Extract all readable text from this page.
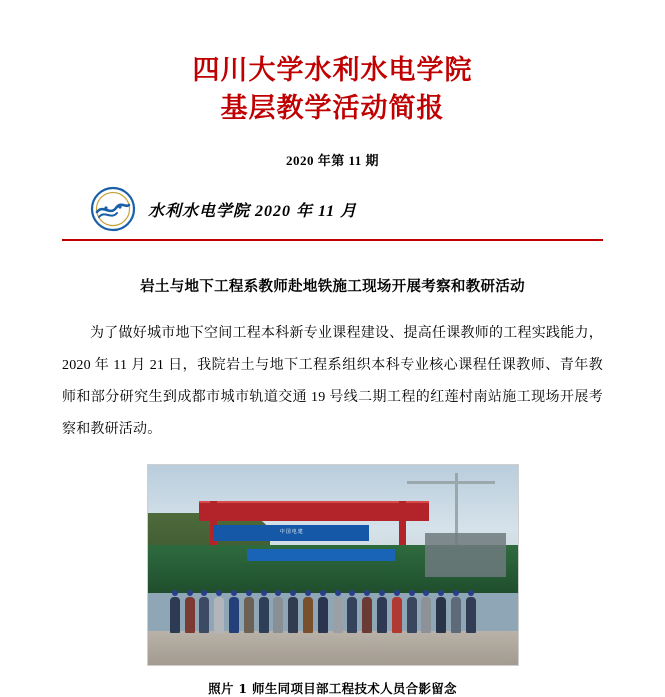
四川大学水利水电学院
基层教学活动简报
2020 年第 11 期
水利水电学院 2020 年 11 月
岩土与地下工程系教师赴地铁施工现场开展考察和教研活动
为了做好城市地下空间工程本科新专业课程建设、提高任课教师的工程实践能力，2020 年 11 月 21 日，我院岩土与地下工程系组织本科专业核心课程任课教师、青年教师和部分研究生到成都市城市轨道交通 19 号线二期工程的红莲村南站施工现场开展考察和教研活动。
中国电建
照片 1 师生同项目部工程技术人员合影留念
